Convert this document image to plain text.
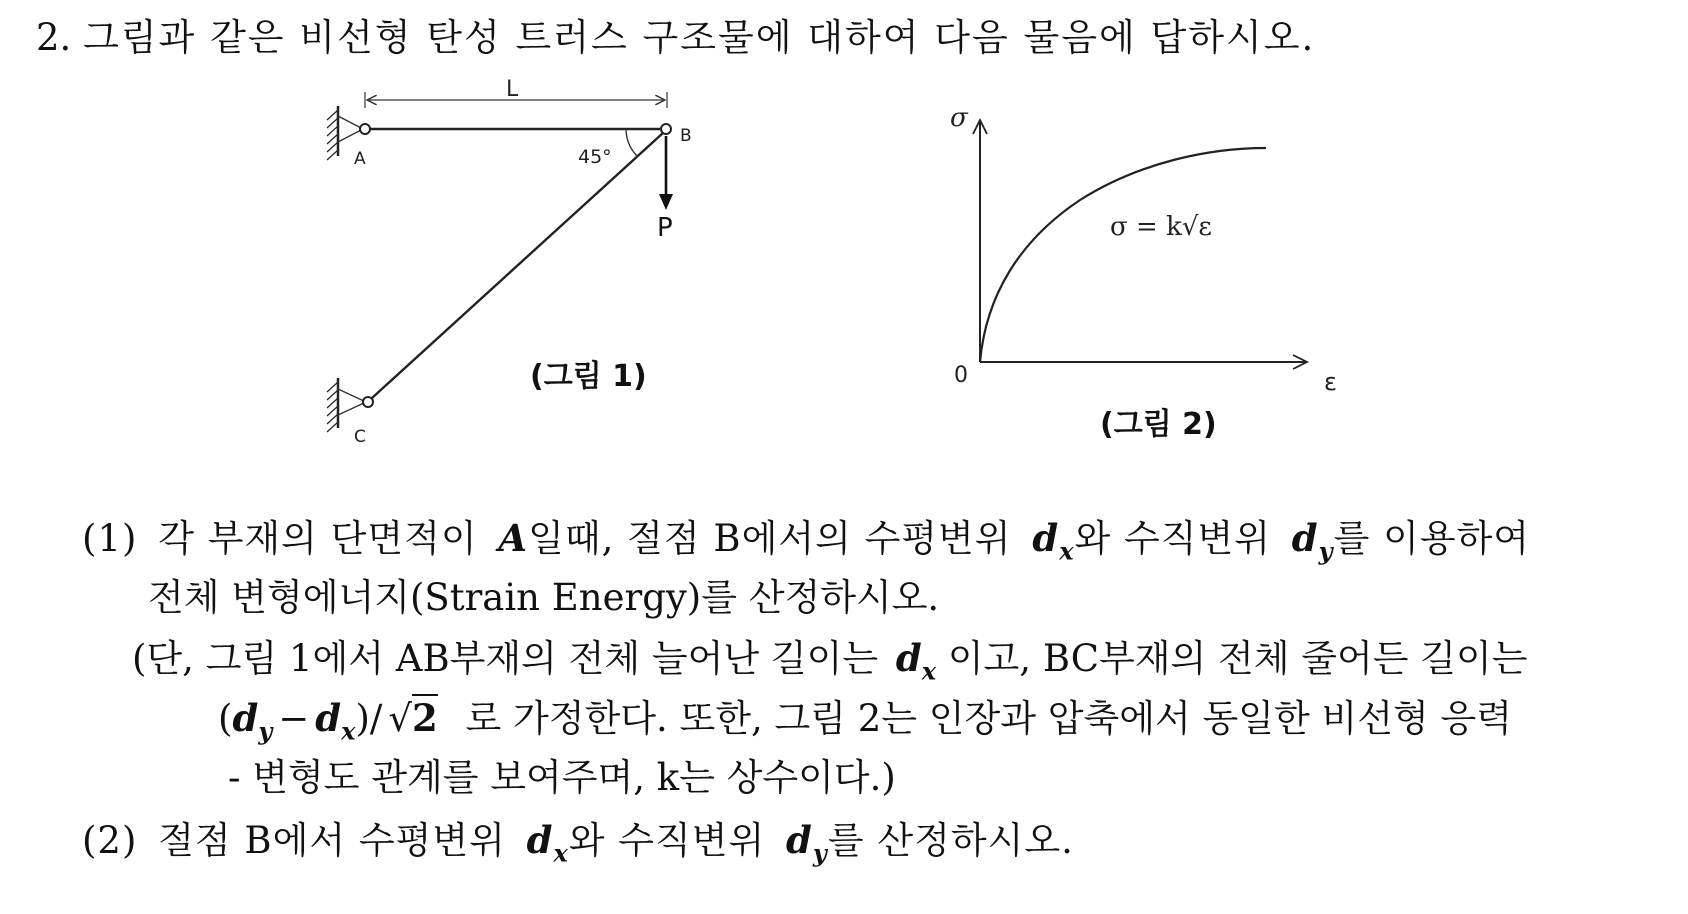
2. 그림과 같은 비선형 탄성 트러스 구조물에 대하여 다음 물음에 답하시오.
L
45°
P
A
B
C
(그림 1)
σ
ε
0
σ = k√ε
(그림 2)
(1) 각 부재의 단면적이 A일때, 절점 B에서의 수평변위 $d_x$와 수직변위 $d_y$를 이용하여
전체 변형에너지(Strain Energy)를 산정하시오.
(단, 그림 1에서 AB부재의 전체 늘어난 길이는 $d_x$ 이고, BC부재의 전체 줄어든 길이는
$(d_y - d_x)/$ √2 로 가정한다. 또한, 그림 2는 인장과 압축에서 동일한 비선형 응력
- 변형도 관계를 보여주며, k는 상수이다.)
(2) 절점 B에서 수평변위 $d_x$와 수직변위 $d_y$를 산정하시오.
